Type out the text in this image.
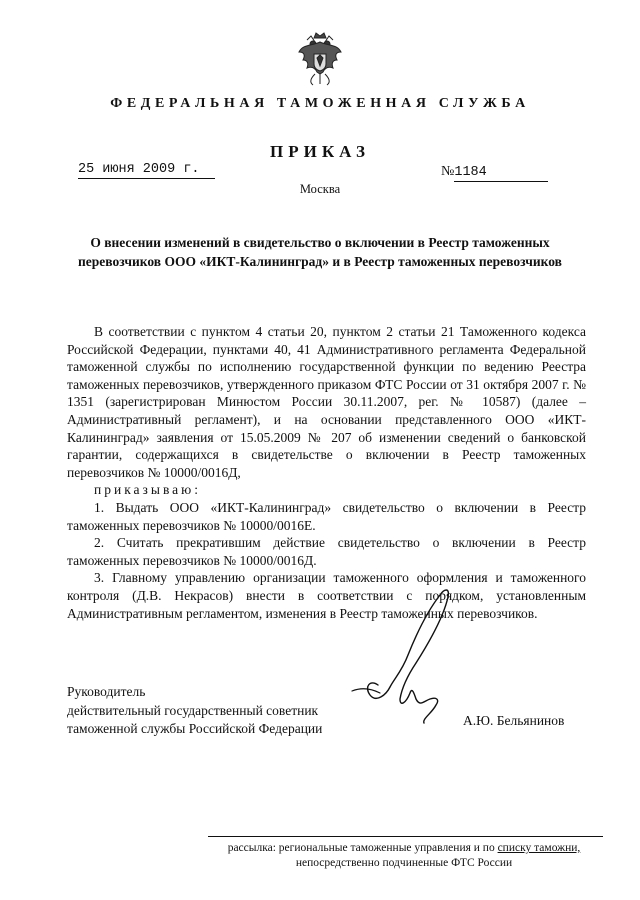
ФЕДЕРАЛЬНАЯ ТАМОЖЕННАЯ СЛУЖБА
ПРИКАЗ
25 июня 2009 г.	№1184
Москва
О внесении изменений в свидетельство о включении в Реестр таможенных перевозчиков ООО «ИКТ-Калининград» и в Реестр таможенных перевозчиков

В соответствии с пунктом 4 статьи 20, пунктом 2 статьи 21 Таможенного кодекса Российской Федерации, пунктами 40, 41 Административного регламента Федеральной таможенной службы по исполнению государственной функции по ведению Реестра таможенных перевозчиков, утвержденного приказом ФТС России от 31 октября 2007 г. № 1351 (зарегистрирован Минюстом России 30.11.2007, рег. № 10587) (далее – Административный регламент), и на основании представленного ООО «ИКТ-Калининград» заявления от 15.05.2009 № 207 об изменении сведений о банковской гарантии, содержащихся в свидетельстве о включении в Реестр таможенных перевозчиков № 10000/0016Д,

приказываю:

1. Выдать ООО «ИКТ-Калининград» свидетельство о включении в Реестр таможенных перевозчиков № 10000/0016Е.

2. Считать прекратившим действие свидетельство о включении в Реестр таможенных перевозчиков № 10000/0016Д.

3. Главному управлению организации таможенного оформления и таможенного контроля (Д.В. Некрасов) внести в соответствии с порядком, установленным Административным регламентом, изменения в Реестр таможенных перевозчиков.

Руководитель
действительный государственный советник
таможенной службы Российской Федерации
А.Ю. Бельянинов
рассылка: региональные таможенные управления и по списку таможни,
непосредственно подчиненные ФТС России
